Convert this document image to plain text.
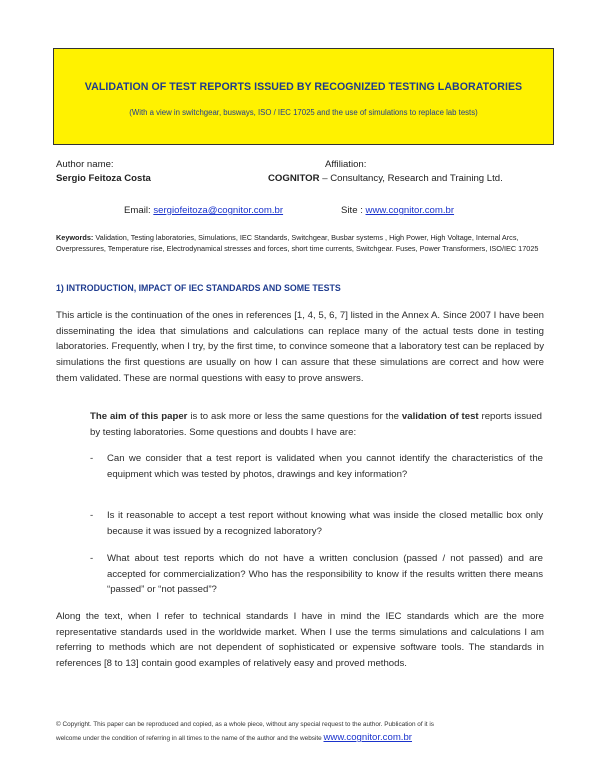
VALIDATION OF TEST REPORTS ISSUED BY RECOGNIZED TESTING LABORATORIES
(With a view in switchgear, busways, ISO / IEC 17025 and the use of simulations to replace lab tests)
Author name:	Affiliation:
Sergio Feitoza Costa	COGNITOR – Consultancy, Research and Training Ltd.
Email: sergiofeitoza@cognitor.com.br	Site : www.cognitor.com.br
Keywords: Validation, Testing laboratories, Simulations, IEC Standards, Switchgear, Busbar systems , High Power, High Voltage, Internal Arcs, Overpressures, Temperature rise, Electrodynamical stresses and forces, short time currents, Switchgear. Fuses, Power Transformers, ISO/IEC 17025
1) INTRODUCTION, IMPACT OF IEC STANDARDS AND SOME TESTS
This article is the continuation of the ones in references [1, 4, 5, 6, 7] listed in the Annex A. Since 2007 I have been disseminating the idea that simulations and calculations can replace many of the actual tests done in testing laboratories. Frequently, when I try, by the first time, to convince someone that a laboratory test can be replaced by simulations the first questions are usually on how I can assure that these simulations are correct and how were them validated. These are normal questions with easy to prove answers.
The aim of this paper is to ask more or less the same questions for the validation of test reports issued by testing laboratories. Some questions and doubts I have are:
- Can we consider that a test report is validated when you cannot identify the characteristics of the equipment which was tested by photos, drawings and key information?
- Is it reasonable to accept a test report without knowing what was inside the closed metallic box only because it was issued by a recognized laboratory?
- What about test reports which do not have a written conclusion (passed / not passed) and are accepted for commercialization? Who has the responsibility to know if the results written there means “passed” or “not passed”?
Along the text, when I refer to technical standards I have in mind the IEC standards which are the more representative standards used in the worldwide market. When I use the terms simulations and calculations I am referring to methods which are not dependent of sophisticated or expensive software tools. The standards in references [8 to 13] contain good examples of relatively easy and proved methods.
© Copyright. This paper can be reproduced and copied, as a whole piece, without any special request to the author. Publication of it is
welcome under the condition of referring in all times to the name of the author and the website www.cognitor.com.br
